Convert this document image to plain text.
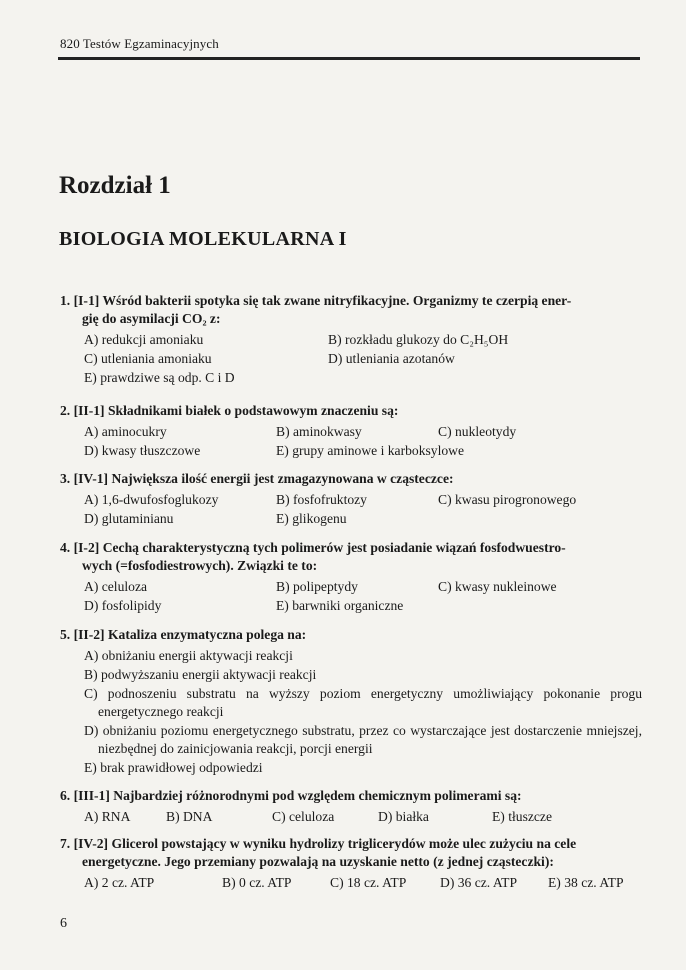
820 Testów Egzaminacyjnych
Rozdział 1
BIOLOGIA MOLEKULARNA I
1. [I-1] Wśród bakterii spotyka się tak zwane nitryfikacyjne. Organizmy te czerpią ener-
gię do asymilacji CO₂ z:
A) redukcji amoniaku	B) rozkładu glukozy do C₂H₅OH
C) utleniania amoniaku	D) utleniania azotanów
E) prawdziwe są odp. C i D
2. [II-1] Składnikami białek o podstawowym znaczeniu są:
A) aminocukry	B) aminokwasy	C) nukleotydy
D) kwasy tłuszczowe	E) grupy aminowe i karboksylowe
3. [IV-1] Największa ilość energii jest zmagazynowana w cząsteczce:
A) 1,6-dwufosfoglukozy	B) fosfofruktozy	C) kwasu pirogronowego
D) glutaminianu	E) glikogenu
4. [I-2] Cechą charakterystyczną tych polimerów jest posiadanie wiązań fosfodwuestro-
wych (=fosfodiestrowych). Związki te to:
A) celuloza	B) polipeptydy	C) kwasy nukleinowe
D) fosfolipidy	E) barwniki organiczne
5. [II-2] Kataliza enzymatyczna polega na:
A) obniżaniu energii aktywacji reakcji
B) podwyższaniu energii aktywacji reakcji
C) podnoszeniu substratu na wyższy poziom energetyczny umożliwiający pokonanie progu energetycznego reakcji
D) obniżaniu poziomu energetycznego substratu, przez co wystarczające jest dostarczenie mniejszej, niezbędnej do zainicjowania reakcji, porcji energii
E) brak prawidłowej odpowiedzi
6. [III-1] Najbardziej różnorodnymi pod względem chemicznym polimerami są:
A) RNA	B) DNA	C) celuloza	D) białka	E) tłuszcze
7. [IV-2] Glicerol powstający w wyniku hydrolizy triglicerydów może ulec zużyciu na cele
energetyczne. Jego przemiany pozwalają na uzyskanie netto (z jednej cząsteczki):
A) 2 cz. ATP	B) 0 cz. ATP	C) 18 cz. ATP	D) 36 cz. ATP	E) 38 cz. ATP
6
